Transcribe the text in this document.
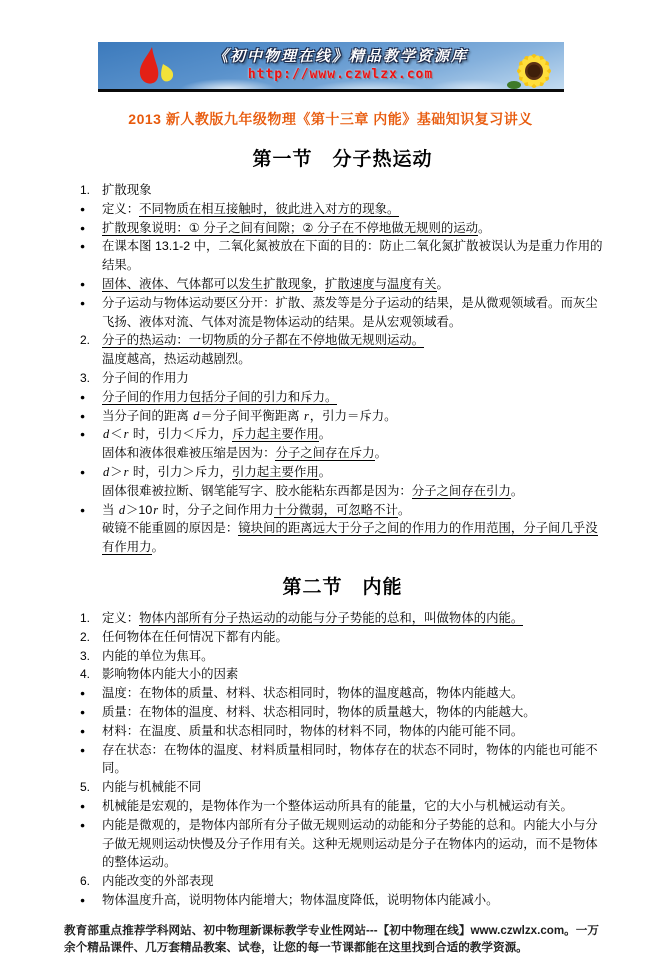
《初中物理在线》精品教学资源库
http://www.czwlzx.com
2013 新人教版九年级物理《第十三章 内能》基础知识复习讲义
第一节　分子热运动
1. 扩散现象
●	定义：不同物质在相互接触时，彼此进入对方的现象。
●	扩散现象说明：① 分子之间有间隙；② 分子在不停地做无规则的运动。
●	在课本图 13.1-2 中，二氧化氮被放在下面的目的：防止二氧化氮扩散被误认为是重力作用的结果。
●	固体、液体、气体都可以发生扩散现象，扩散速度与温度有关。
●	分子运动与物体运动要区分开：扩散、蒸发等是分子运动的结果，是从微观领域看。而灰尘飞扬、液体对流、气体对流是物体运动的结果。是从宏观领域看。
2. 分子的热运动：一切物质的分子都在不停地做无规则运动。
温度越高，热运动越剧烈。
3. 分子间的作用力
●	分子间的作用力包括分子间的引力和斥力。
●	当分子间的距离 d＝分子间平衡距离 r，引力＝斥力。
●	d＜r 时，引力＜斥力，斥力起主要作用。
固体和液体很难被压缩是因为：分子之间存在斥力。
●	d＞r 时，引力＞斥力，引力起主要作用。
固体很难被拉断、钢笔能写字、胶水能粘东西都是因为：分子之间存在引力。
●	当 d＞10r 时，分子之间作用力十分微弱，可忽略不计。
破镜不能重圆的原因是：镜块间的距离远大于分子之间的作用力的作用范围，分子间几乎没有作用力。
第二节　内能
1. 定义：物体内部所有分子热运动的动能与分子势能的总和，叫做物体的内能。
2. 任何物体在任何情况下都有内能。
3. 内能的单位为焦耳。
4. 影响物体内能大小的因素
●	温度：在物体的质量、材料、状态相同时，物体的温度越高，物体内能越大。
●	质量：在物体的温度、材料、状态相同时，物体的质量越大，物体的内能越大。
●	材料：在温度、质量和状态相同时，物体的材料不同，物体的内能可能不同。
●	存在状态：在物体的温度、材料质量相同时，物体存在的状态不同时，物体的内能也可能不同。
5. 内能与机械能不同
●	机械能是宏观的，是物体作为一个整体运动所具有的能量，它的大小与机械运动有关。
●	内能是微观的，是物体内部所有分子做无规则运动的动能和分子势能的总和。内能大小与分子做无规则运动快慢及分子作用有关。这种无规则运动是分子在物体内的运动，而不是物体的整体运动。
6. 内能改变的外部表现
●	物体温度升高，说明物体内能增大；物体温度降低，说明物体内能减小。
教育部重点推荐学科网站、初中物理新课标教学专业性网站---【初中物理在线】www.czwlzx.com。一万余个精品课件、几万套精品教案、试卷，让您的每一节课都能在这里找到合适的教学资源。
